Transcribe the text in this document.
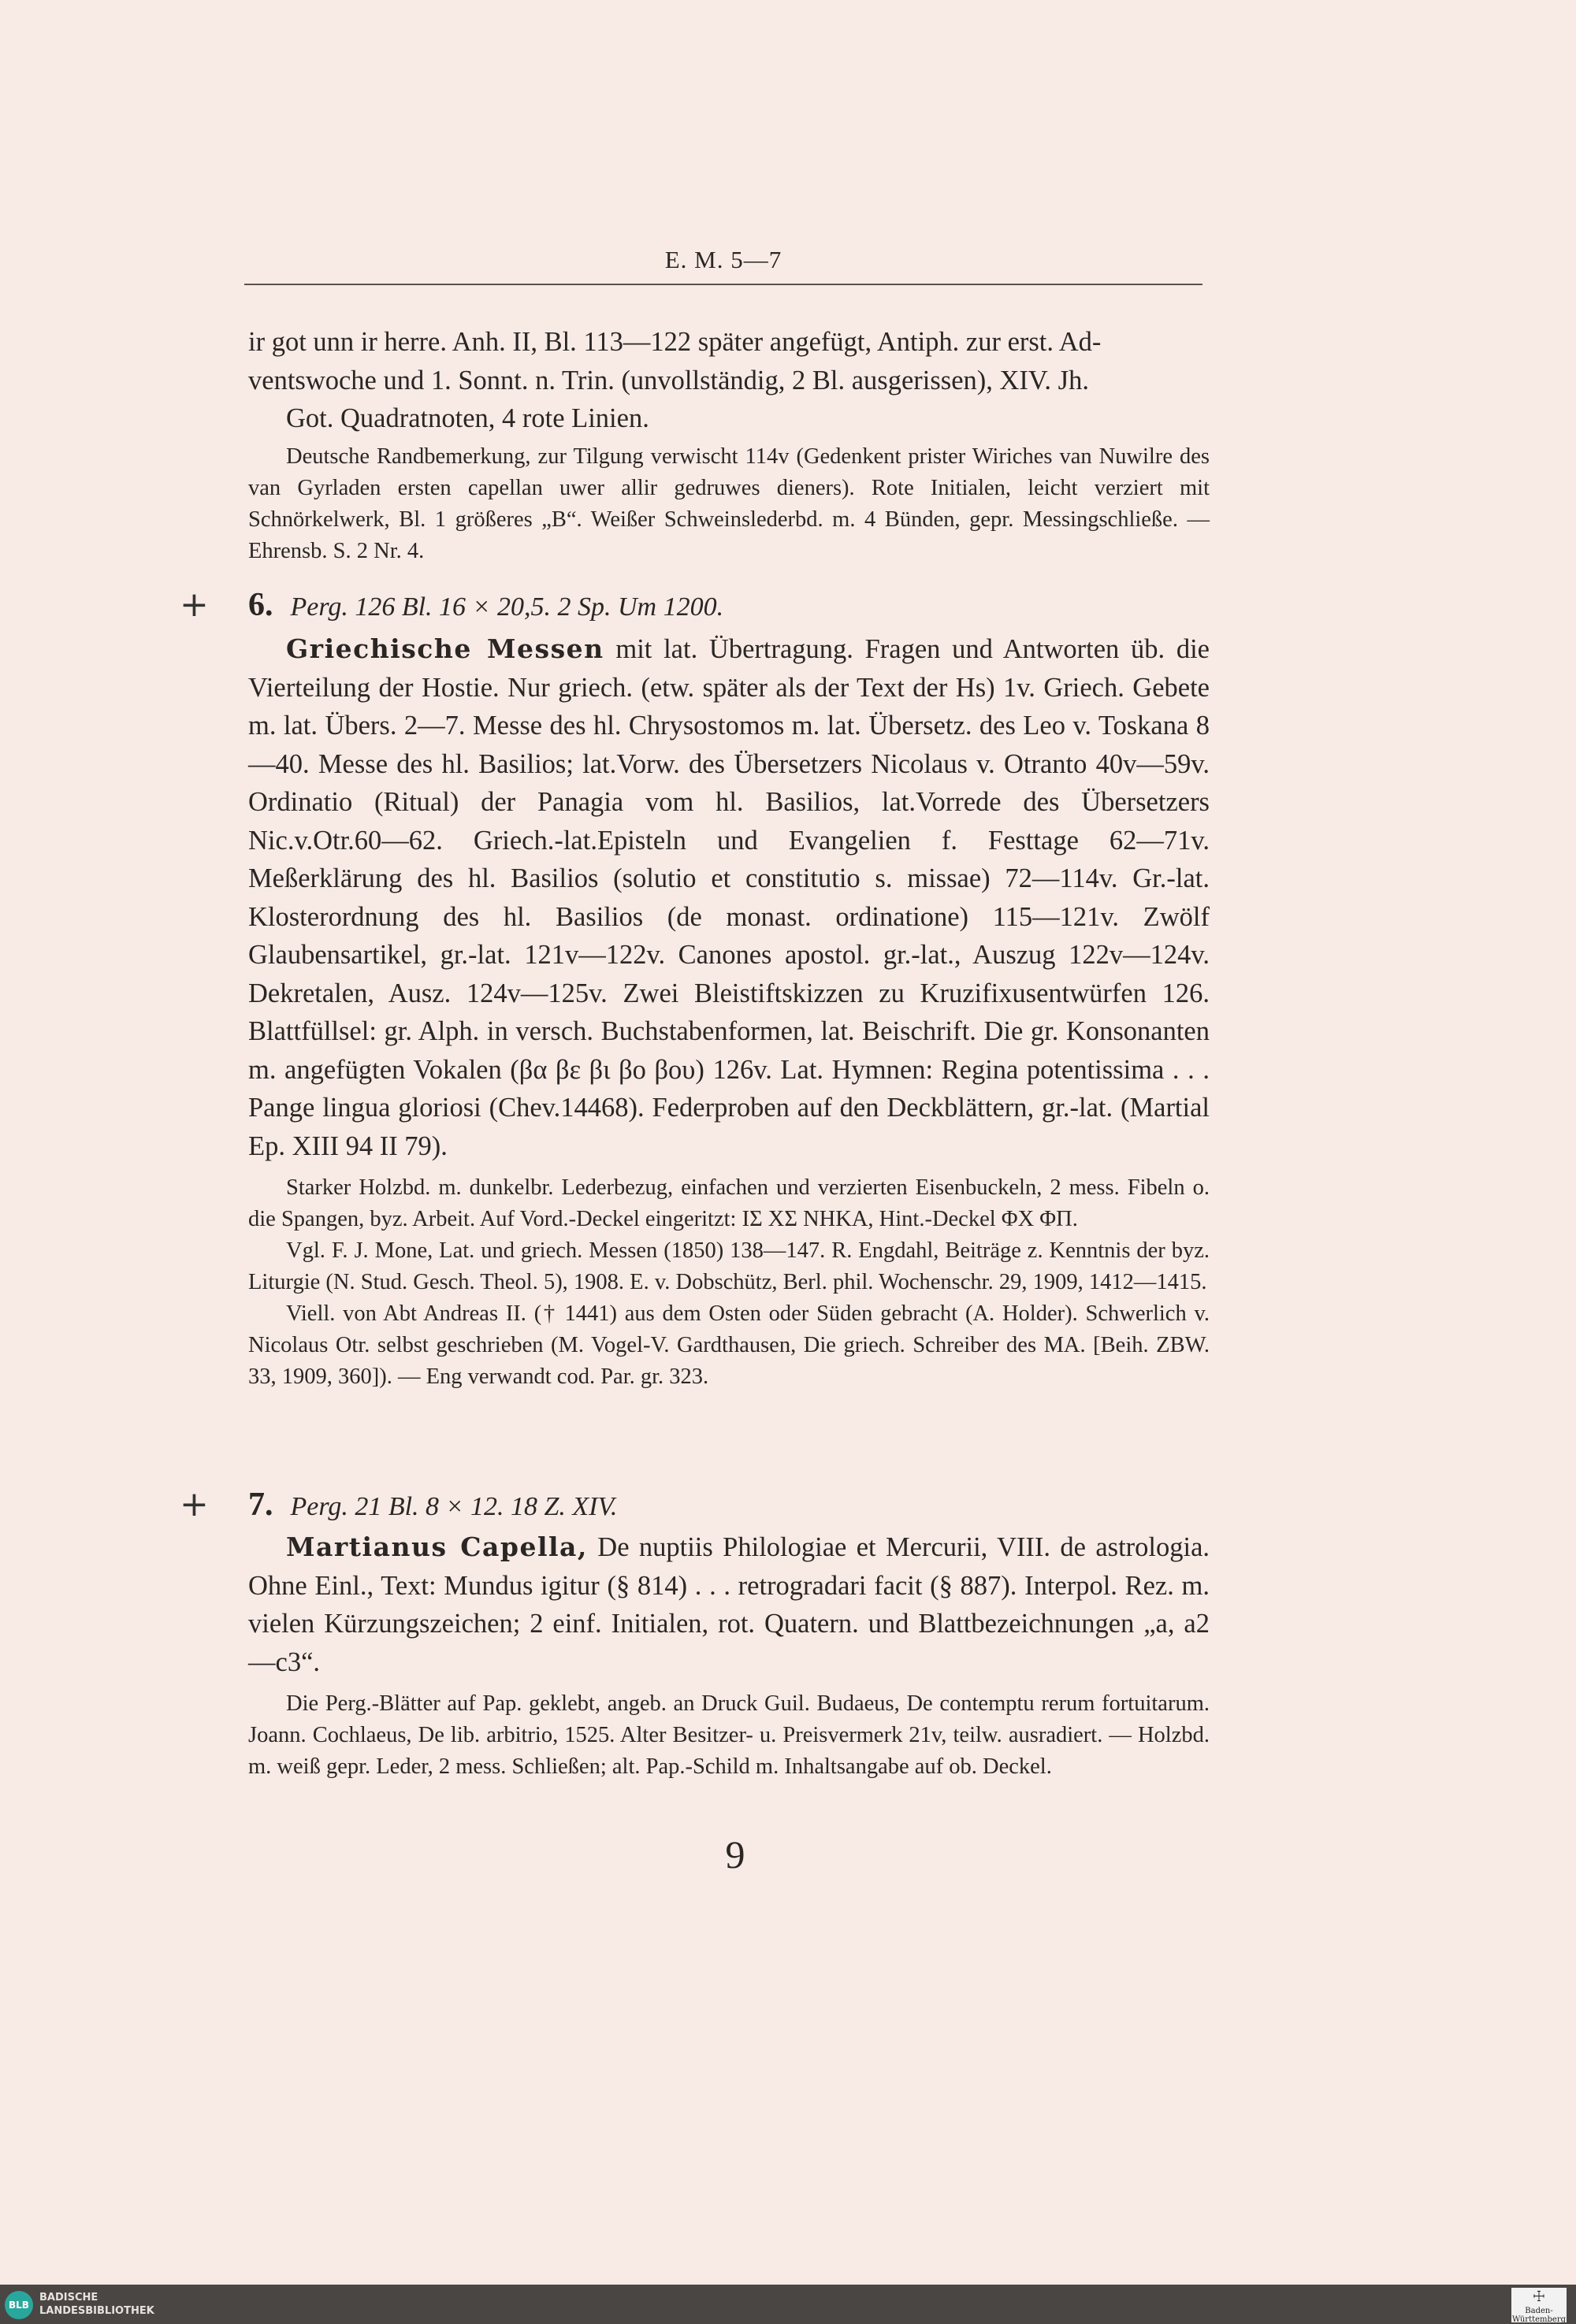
E. M. 5—7
ir got unn ir herre. Anh. II, Bl. 113—122 später angefügt, Antiph. zur erst. Ad-
ventswoche und 1. Sonnt. n. Trin. (unvollständig, 2 Bl. ausgerissen), XIV. Jh.
Got. Quadratnoten, 4 rote Linien.
Deutsche Randbemerkung, zur Tilgung verwischt 114v (Gedenkent prister Wiriches van Nuwilre des van Gyrladen ersten capellan uwer allir gedruwes dieners). Rote Initialen, leicht verziert mit Schnörkelwerk, Bl. 1 größeres „B“. Weißer Schweinslederbd. m. 4 Bünden, gepr. Messingschließe. — Ehrensb. S. 2 Nr. 4.
+ 6. Perg. 126 Bl. 16 × 20,5. 2 Sp. Um 1200.
Griechische Messen mit lat. Übertragung. Fragen und Antworten üb. die Vierteilung der Hostie. Nur griech. (etw. später als der Text der Hs) 1v. Griech. Gebete m. lat. Übers. 2—7. Messe des hl. Chrysostomos m. lat. Übersetz. des Leo v. Toskana 8—40. Messe des hl. Basilios; lat.Vorw. des Übersetzers Nicolaus v. Otranto 40v—59v. Ordinatio (Ritual) der Panagia vom hl. Basilios, lat.Vorrede des Übersetzers Nic.v.Otr.60—62. Griech.-lat.Episteln und Evangelien f. Festtage 62—71v. Meßerklärung des hl. Basilios (solutio et constitutio s. missae) 72—114v. Gr.-lat. Klosterordnung des hl. Basilios (de monast. ordinatione) 115—121v. Zwölf Glaubensartikel, gr.-lat. 121v—122v. Canones apostol. gr.-lat., Auszug 122v—124v. Dekretalen, Ausz. 124v—125v. Zwei Bleistiftskizzen zu Kruzifixusentwürfen 126. Blattfüllsel: gr. Alph. in versch. Buchstabenformen, lat. Beischrift. Die gr. Konsonanten m. angefügten Vokalen (βα βε βι βο βου) 126v. Lat. Hymnen: Regina potentissima . . . Pange lingua gloriosi (Chev.14468). Federproben auf den Deckblättern, gr.-lat. (Martial Ep. XIII 94 II 79).
Starker Holzbd. m. dunkelbr. Lederbezug, einfachen und verzierten Eisenbuckeln, 2 mess. Fibeln o. die Spangen, byz. Arbeit. Auf Vord.-Deckel eingeritzt: IΣ XΣ NHKA, Hint.-Deckel ΦX ΦΠ.
Vgl. F. J. Mone, Lat. und griech. Messen (1850) 138—147. R. Engdahl, Beiträge z. Kenntnis der byz. Liturgie (N. Stud. Gesch. Theol. 5), 1908. E. v. Dobschütz, Berl. phil. Wochenschr. 29, 1909, 1412—1415.
Viell. von Abt Andreas II. († 1441) aus dem Osten oder Süden gebracht (A. Holder). Schwerlich v. Nicolaus Otr. selbst geschrieben (M. Vogel-V. Gardthausen, Die griech. Schreiber des MA. [Beih. ZBW. 33, 1909, 360]). — Eng verwandt cod. Par. gr. 323.
+ 7. Perg. 21 Bl. 8 × 12. 18 Z. XIV.
Martianus Capella, De nuptiis Philologiae et Mercurii, VIII. de astrologia. Ohne Einl., Text: Mundus igitur (§ 814) . . . retrogradari facit (§ 887). Interpol. Rez. m. vielen Kürzungszeichen; 2 einf. Initialen, rot. Quatern. und Blattbezeichnungen „a, a2—c3“.
Die Perg.-Blätter auf Pap. geklebt, angeb. an Druck Guil. Budaeus, De contemptu rerum fortuitarum. Joann. Cochlaeus, De lib. arbitrio, 1525. Alter Besitzer- u. Preisvermerk 21v, teilw. ausradiert. — Holzbd. m. weiß gepr. Leder, 2 mess. Schließen; alt. Pap.-Schild m. Inhaltsangabe auf ob. Deckel.
9
BLB
BADISCHE
LANDESBIBLIOTHEK
☩
Baden-Württemberg
